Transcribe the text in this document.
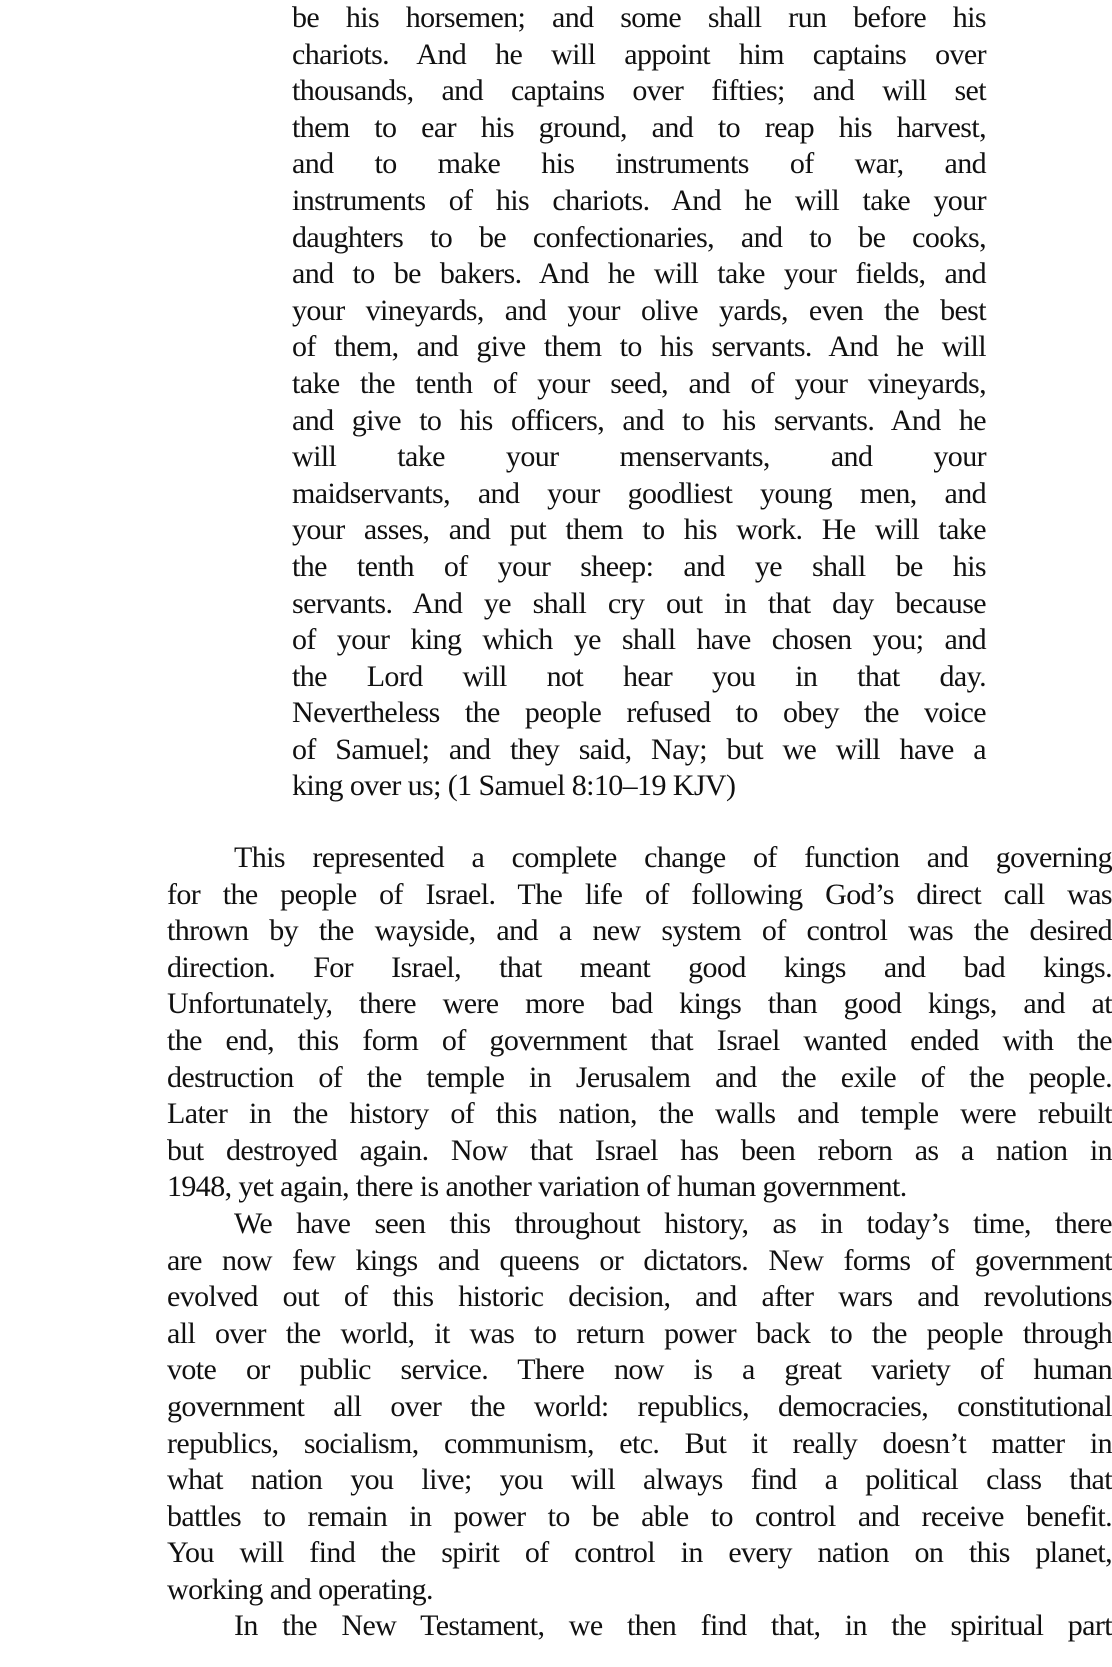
be his horsemen; and some shall run before his
chariots. And he will appoint him captains over
thousands, and captains over fifties; and will set
them to ear his ground, and to reap his harvest,
and to make his instruments of war, and
instruments of his chariots. And he will take your
daughters to be confectionaries, and to be cooks,
and to be bakers. And he will take your fields, and
your vineyards, and your olive yards, even the best
of them, and give them to his servants. And he will
take the tenth of your seed, and of your vineyards,
and give to his officers, and to his servants. And he
will take your menservants, and your
maidservants, and your goodliest young men, and
your asses, and put them to his work. He will take
the tenth of your sheep: and ye shall be his
servants. And ye shall cry out in that day because
of your king which ye shall have chosen you; and
the Lord will not hear you in that day.
Nevertheless the people refused to obey the voice
of Samuel; and they said, Nay; but we will have a
king over us; (1 Samuel 8:10–19 KJV)
This represented a complete change of function and governing
for the people of Israel. The life of following God’s direct call was
thrown by the wayside, and a new system of control was the desired
direction. For Israel, that meant good kings and bad kings.
Unfortunately, there were more bad kings than good kings, and at
the end, this form of government that Israel wanted ended with the
destruction of the temple in Jerusalem and the exile of the people.
Later in the history of this nation, the walls and temple were rebuilt
but destroyed again. Now that Israel has been reborn as a nation in
1948, yet again, there is another variation of human government.
We have seen this throughout history, as in today’s time, there
are now few kings and queens or dictators. New forms of government
evolved out of this historic decision, and after wars and revolutions
all over the world, it was to return power back to the people through
vote or public service. There now is a great variety of human
government all over the world: republics, democracies, constitutional
republics, socialism, communism, etc. But it really doesn’t matter in
what nation you live; you will always find a political class that
battles to remain in power to be able to control and receive benefit.
You will find the spirit of control in every nation on this planet,
working and operating.
In the New Testament, we then find that, in the spiritual part
